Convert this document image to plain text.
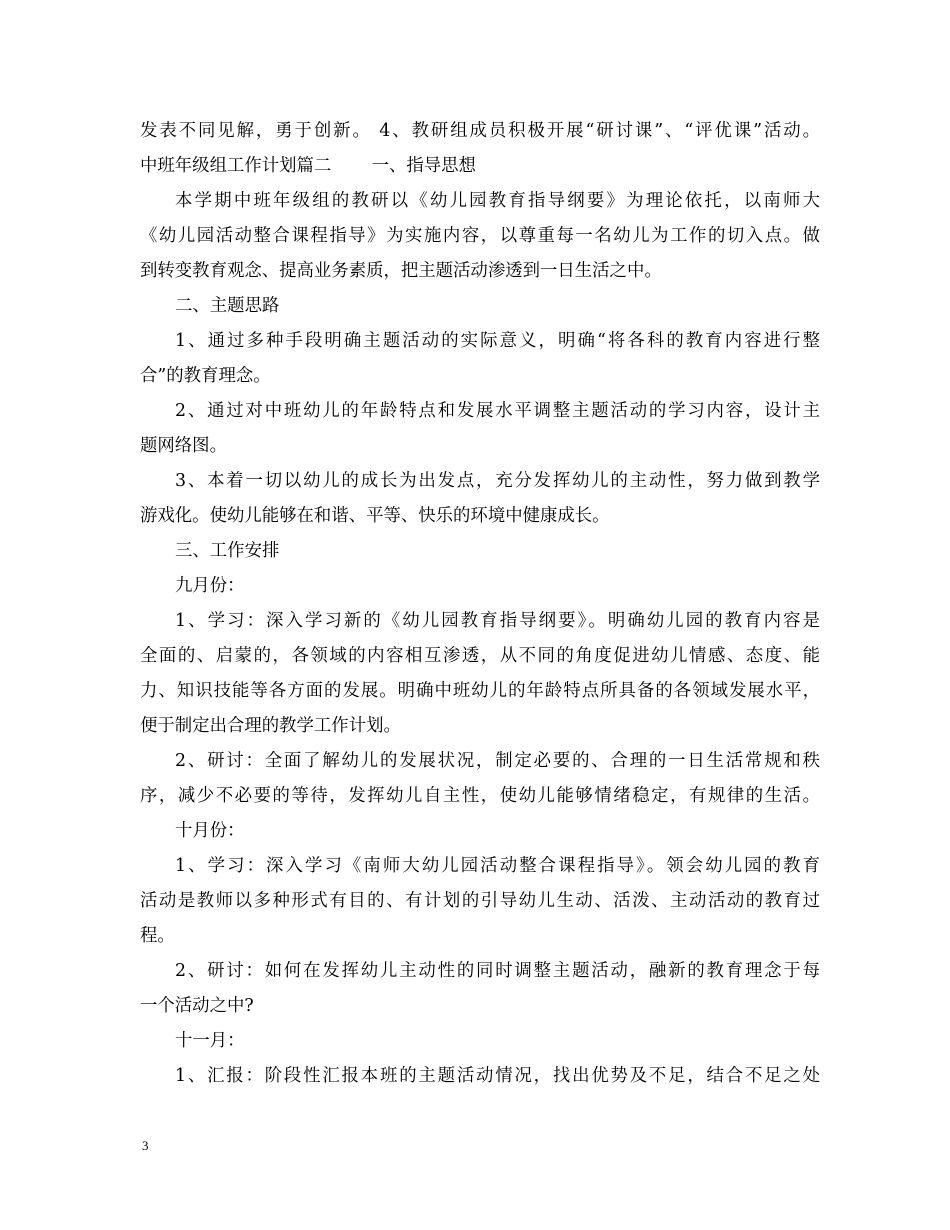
发表不同见解，勇于创新。 4、教研组成员积极开展“研讨课”、“评优课”活动。
中班年级组工作计划篇二　　 一、指导思想
本学期中班年级组的教研以《幼儿园教育指导纲要》为理论依托，以南师大
《幼儿园活动整合课程指导》为实施内容，以尊重每一名幼儿为工作的切入点。做
到转变教育观念、提高业务素质，把主题活动渗透到一日生活之中。
二、主题思路
1、通过多种手段明确主题活动的实际意义，明确“将各科的教育内容进行整
合”的教育理念。
2、通过对中班幼儿的年龄特点和发展水平调整主题活动的学习内容，设计主
题网络图。
3、本着一切以幼儿的成长为出发点，充分发挥幼儿的主动性，努力做到教学
游戏化。使幼儿能够在和谐、平等、快乐的环境中健康成长。
三、工作安排
九月份：
1、学习：深入学习新的《幼儿园教育指导纲要》。明确幼儿园的教育内容是
全面的、启蒙的，各领域的内容相互渗透，从不同的角度促进幼儿情感、态度、能
力、知识技能等各方面的发展。明确中班幼儿的年龄特点所具备的各领域发展水平，
便于制定出合理的教学工作计划。
2、研讨：全面了解幼儿的发展状况，制定必要的、合理的一日生活常规和秩
序，减少不必要的等待，发挥幼儿自主性，使幼儿能够情绪稳定，有规律的生活。
十月份：
1、学习：深入学习《南师大幼儿园活动整合课程指导》。领会幼儿园的教育
活动是教师以多种形式有目的、有计划的引导幼儿生动、活泼、主动活动的教育过
程。
2、研讨：如何在发挥幼儿主动性的同时调整主题活动，融新的教育理念于每
一个活动之中?
十一月：
1、汇报：阶段性汇报本班的主题活动情况，找出优势及不足，结合不足之处
3
